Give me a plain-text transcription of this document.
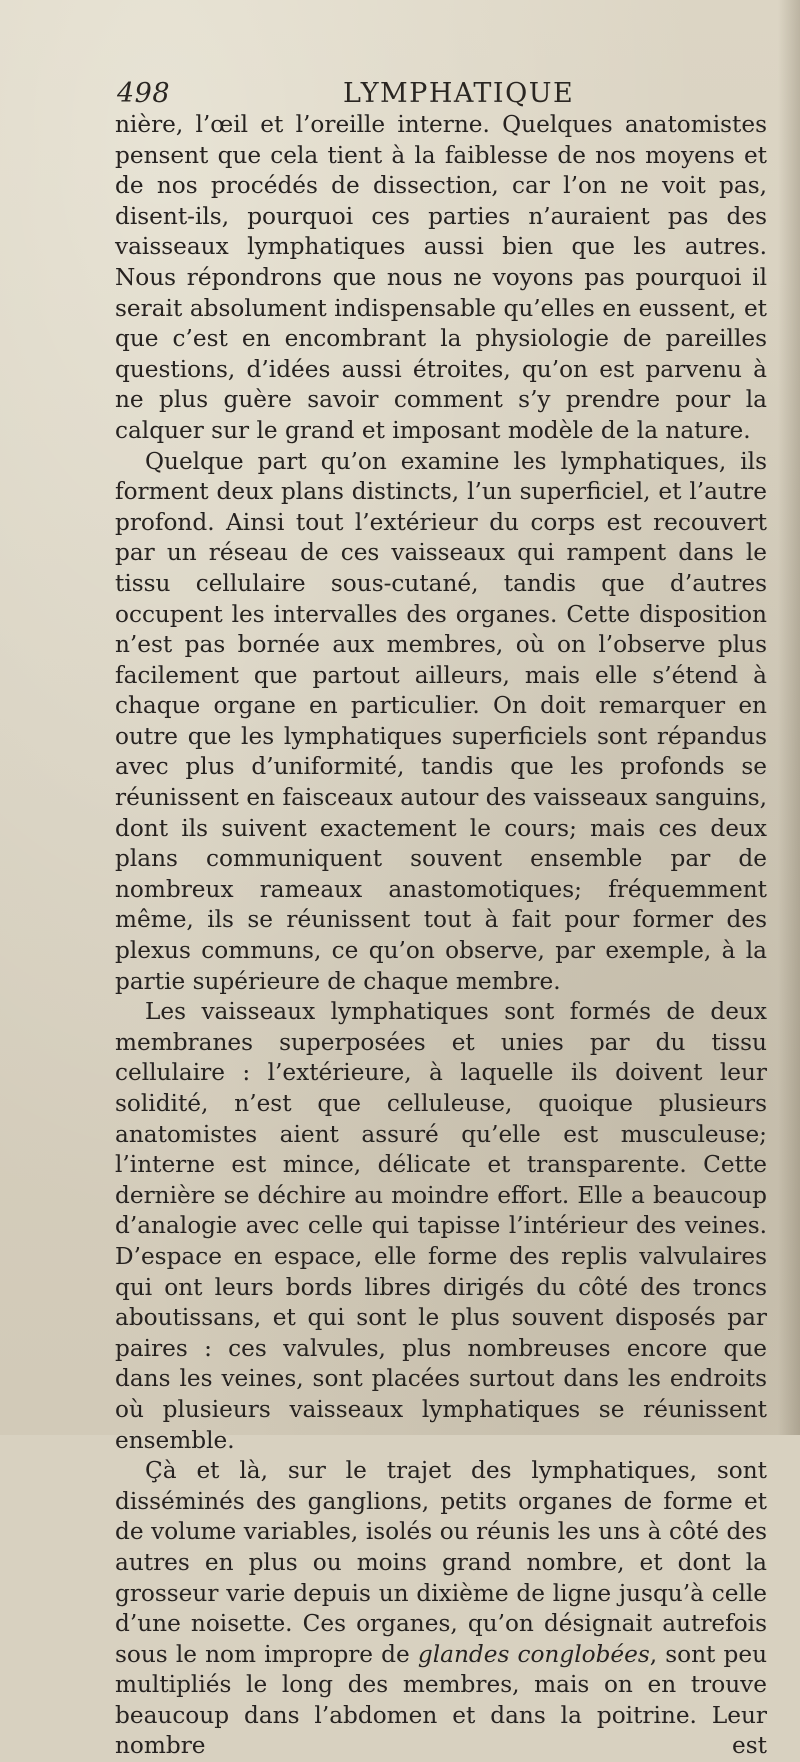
498	LYMPHATIQUE

nière, l’œil et l’oreille interne. Quelques anatomistes pensent que cela tient à la faiblesse de nos moyens et de nos procédés de dissection, car l’on ne voit pas, disent-ils, pourquoi ces parties n’auraient pas des vaisseaux lymphatiques aussi bien que les autres. Nous répondrons que nous ne voyons pas pourquoi il serait absolument indispensable qu’elles en eussent, et que c’est en encombrant la physiologie de pareilles questions, d’idées aussi étroites, qu’on est parvenu à ne plus guère savoir comment s’y prendre pour la calquer sur le grand et imposant modèle de la nature.

Quelque part qu’on examine les lymphatiques, ils forment deux plans distincts, l’un superficiel, et l’autre profond. Ainsi tout l’extérieur du corps est recouvert par un réseau de ces vaisseaux qui rampent dans le tissu cellulaire sous-cutané, tandis que d’autres occupent les intervalles des organes. Cette disposition n’est pas bornée aux membres, où on l’observe plus facilement que partout ailleurs, mais elle s’étend à chaque organe en particulier. On doit remarquer en outre que les lymphatiques superficiels sont répandus avec plus d’uniformité, tandis que les profonds se réunissent en faisceaux autour des vaisseaux sanguins, dont ils suivent exactement le cours; mais ces deux plans communiquent souvent ensemble par de nombreux rameaux anastomotiques; fréquemment même, ils se réunissent tout à fait pour former des plexus communs, ce qu’on observe, par exemple, à la partie supérieure de chaque membre.

Les vaisseaux lymphatiques sont formés de deux membranes superposées et unies par du tissu cellulaire : l’extérieure, à laquelle ils doivent leur solidité, n’est que celluleuse, quoique plusieurs anatomistes aient assuré qu’elle est musculeuse; l’interne est mince, délicate et transparente. Cette dernière se déchire au moindre effort. Elle a beaucoup d’analogie avec celle qui tapisse l’intérieur des veines. D’espace en espace, elle forme des replis valvulaires qui ont leurs bords libres dirigés du côté des troncs aboutissans, et qui sont le plus souvent disposés par paires : ces valvules, plus nombreuses encore que dans les veines, sont placées surtout dans les endroits où plusieurs vaisseaux lymphatiques se réunissent ensemble.

Çà et là, sur le trajet des lymphatiques, sont disséminés des ganglions, petits organes de forme et de volume variables, isolés ou réunis les uns à côté des autres en plus ou moins grand nombre, et dont la grosseur varie depuis un dixième de ligne jusqu’à celle d’une noisette. Ces organes, qu’on désignait autrefois sous le nom impropre de glandes conglobées, sont peu multipliés le long des membres, mais on en trouve beaucoup dans l’abdomen et dans la poitrine. Leur nombre est
